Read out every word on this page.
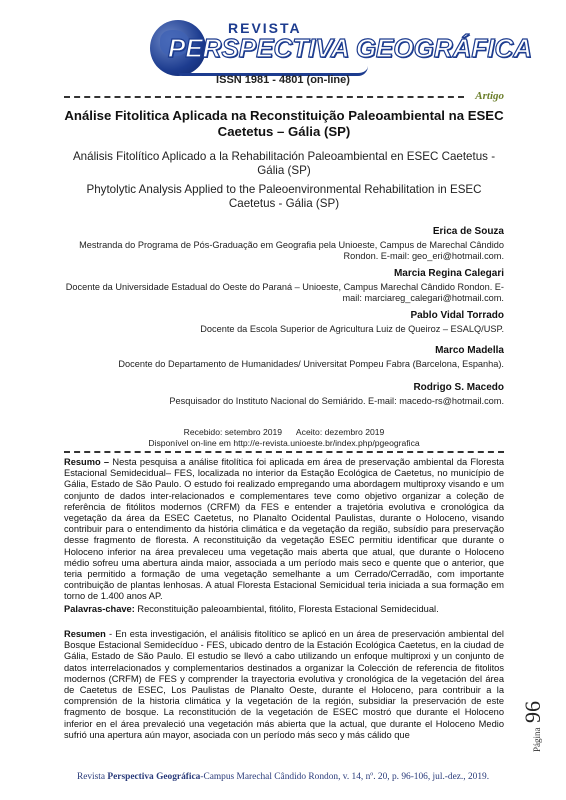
REVISTA
PERSPECTIVA GEOGRÁFICA
ISSN 1981 - 4801 (on-line)
Artigo
Análise Fitolitica Aplicada na Reconstituição Paleoambiental na ESEC Caetetus – Gália (SP)
Análisis Fitolítico Aplicado a la Rehabilitación Paleoambiental en ESEC Caetetus - Gália (SP)
Phytolytic Analysis Applied to the Paleoenvironmental Rehabilitation in ESEC Caetetus - Gália (SP)
Erica de Souza
Mestranda do Programa de Pós-Graduação em Geografia pela Unioeste, Campus de Marechal Cândido Rondon. E-mail: geo_eri@hotmail.com.
Marcia Regina Calegari
Docente da Universidade Estadual do Oeste do Paraná – Unioeste, Campus Marechal Cândido Rondon. E-mail: marciareg_calegari@hotmail.com.
Pablo Vidal Torrado
Docente da Escola Superior de Agricultura Luiz de Queiroz – ESALQ/USP.
Marco Madella
Docente do Departamento de Humanidades/ Universitat Pompeu Fabra (Barcelona, Espanha).
Rodrigo S. Macedo
Pesquisador do Instituto Nacional do Semiárido. E-mail: macedo-rs@hotmail.com.
Recebido: setembro 2019      Aceito: dezembro 2019
Disponível on-line em http://e-revista.unioeste.br/index.php/pgeografica
Resumo – Nesta pesquisa a análise fitolítica foi aplicada em área de preservação ambiental da Floresta Estacional Semidecidual– FES, localizada no interior da Estação Ecológica de Caetetus, no município de Gália, Estado de São Paulo. O estudo foi realizado empregando uma abordagem multiproxy visando e um conjunto de dados inter-relacionados e complementares teve como objetivo organizar a coleção de referência de fitólitos modernos (CRFM) da FES e entender a trajetória evolutiva e cronológica da vegetação da área da ESEC Caetetus, no Planalto Ocidental Paulistas, durante o Holoceno, visando contribuir para o entendimento da história climática e da vegetação da região, subsídio para preservação desse fragmento de floresta. A reconstituição da vegetação ESEC permitiu identificar que durante o Holoceno inferior na área prevaleceu uma vegetação mais aberta que atual, que durante o Holoceno médio sofreu uma abertura ainda maior, associada a um período mais seco e quente que o anterior, que teria permitido a formação de uma vegetação semelhante a um Cerrado/Cerradão, com importante contribuição de plantas lenhosas. A atual Floresta Estacional Semicidual teria iniciada a sua formação em torno de 1.400 anos AP.
Palavras-chave: Reconstituição paleoambiental, fitólito, Floresta Estacional Semidecidual.
Resumen - En esta investigación, el análisis fitolítico se aplicó en un área de preservación ambiental del Bosque Estacional Semidecíduo - FES, ubicado dentro de la Estación Ecológica Caetetus, en la ciudad de Gália, Estado de São Paulo. El estudio se llevó a cabo utilizando un enfoque multiproxi y un conjunto de datos interrelacionados y complementarios destinados a organizar la Colección de referencia de fitolitos modernos (CRFM) de FES y comprender la trayectoria evolutiva y cronológica de la vegetación del área de Caetetus de ESEC, Los Paulistas de Planalto Oeste, durante el Holoceno, para contribuir a la comprensión de la historia climática y la vegetación de la región, subsidiar la preservación de este fragmento de bosque. La reconstitución de la vegetación de ESEC mostró que durante el Holoceno inferior en el área prevaleció una vegetación más abierta que la actual, que durante el Holoceno Medio sufrió una apertura aún mayor, asociada con un período más seco y más cálido que	Página 96
Revista Perspectiva Geográfica-Campus Marechal Cândido Rondon, v. 14, nº. 20, p. 96-106, jul.-dez., 2019.
